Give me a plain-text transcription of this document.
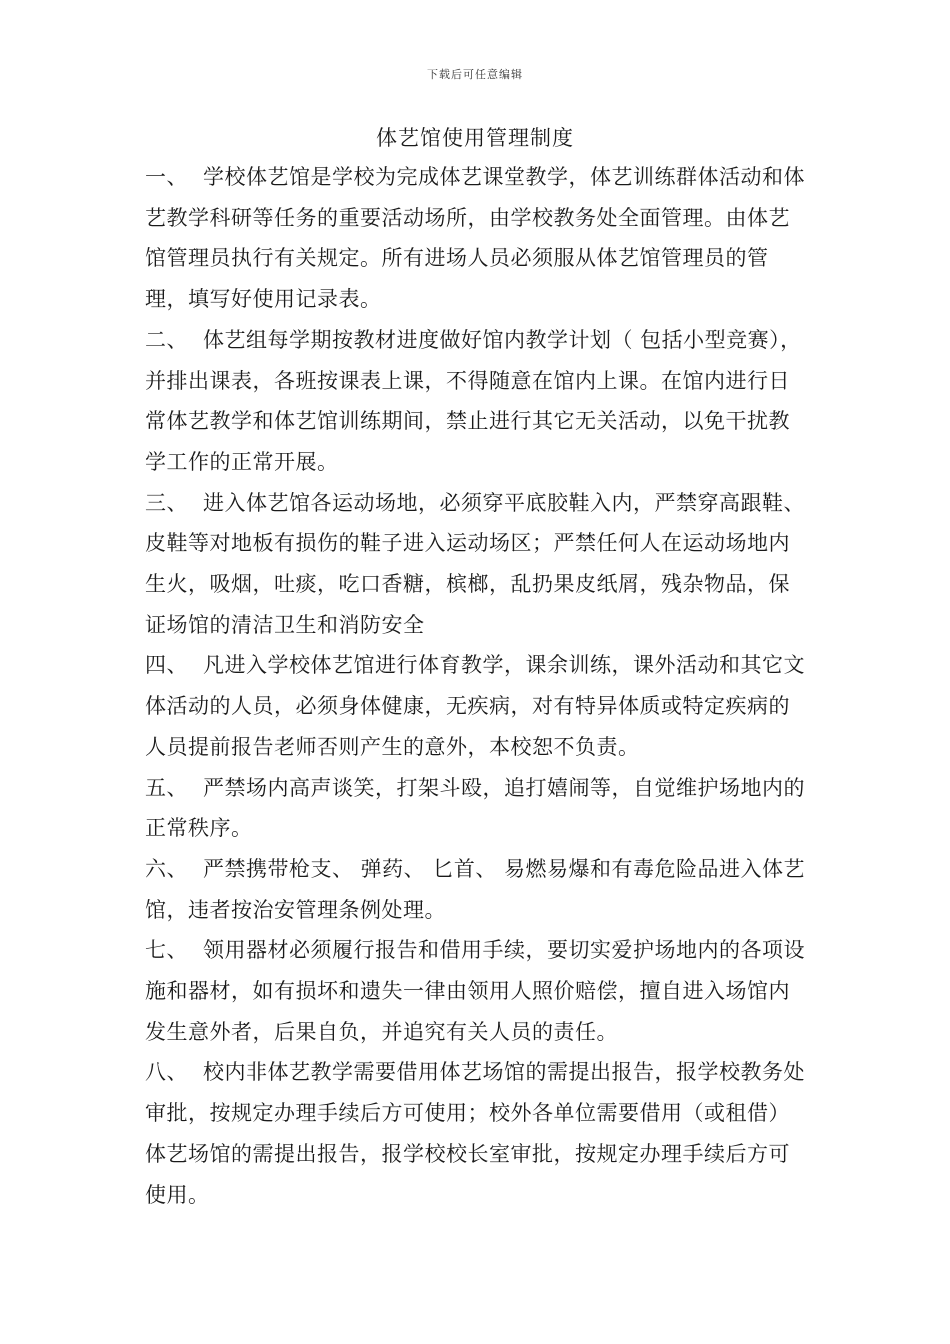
下载后可任意编辑
体艺馆使用管理制度

一、 学校体艺馆是学校为完成体艺课堂教学，体艺训练群体活动和体艺教学科研等任务的重要活动场所，由学校教务处全面管理。由体艺馆管理员执行有关规定。所有进场人员必须服从体艺馆管理员的管理，填写好使用记录表。

二、 体艺组每学期按教材进度做好馆内教学计划（ 包括小型竞赛），并排出课表，各班按课表上课，不得随意在馆内上课。在馆内进行日常体艺教学和体艺馆训练期间，禁止进行其它无关活动，以免干扰教学工作的正常开展。

三、 进入体艺馆各运动场地，必须穿平底胶鞋入内，严禁穿高跟鞋、 皮鞋等对地板有损伤的鞋子进入运动场区；严禁任何人在运动场地内生火，吸烟，吐痰，吃口香糖，槟榔，乱扔果皮纸屑，残杂物品，保证场馆的清洁卫生和消防安全

四、 凡进入学校体艺馆进行体育教学，课余训练，课外活动和其它文体活动的人员，必须身体健康，无疾病，对有特异体质或特定疾病的人员提前报告老师否则产生的意外，本校恕不负责。

五、 严禁场内高声谈笑，打架斗殴，追打嬉闹等，自觉维护场地内的正常秩序。

六、 严禁携带枪支、 弹药、 匕首、 易燃易爆和有毒危险品进入体艺馆，违者按治安管理条例处理。

七、 领用器材必须履行报告和借用手续，要切实爱护场地内的各项设施和器材，如有损坏和遗失一律由领用人照价赔偿，擅自进入场馆内发生意外者，后果自负，并追究有关人员的责任。

八、 校内非体艺教学需要借用体艺场馆的需提出报告，报学校教务处审批，按规定办理手续后方可使用；校外各单位需要借用（或租借） 体艺场馆的需提出报告，报学校校长室审批，按规定办理手续后方可使用。
